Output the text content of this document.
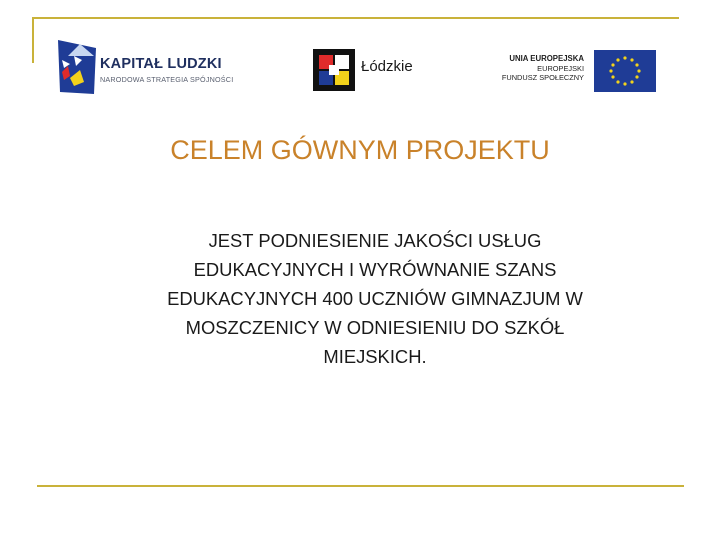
KAPITAŁ LUDZKI
NARODOWA STRATEGIA SPÓJNOŚCI
Łódzkie	UNIA EUROPEJSKA
EUROPEJSKI
FUNDUSZ SPOŁECZNY
CELEM GÓWNYM PROJEKTU
JEST PODNIESIENIE JAKOŚCI USŁUG
EDUKACYJNYCH I WYRÓWNANIE SZANS
EDUKACYJNYCH 400 UCZNIÓW GIMNAZJUM W
MOSZCZENICY W ODNIESIENIU DO SZKÓŁ
MIEJSKICH.
